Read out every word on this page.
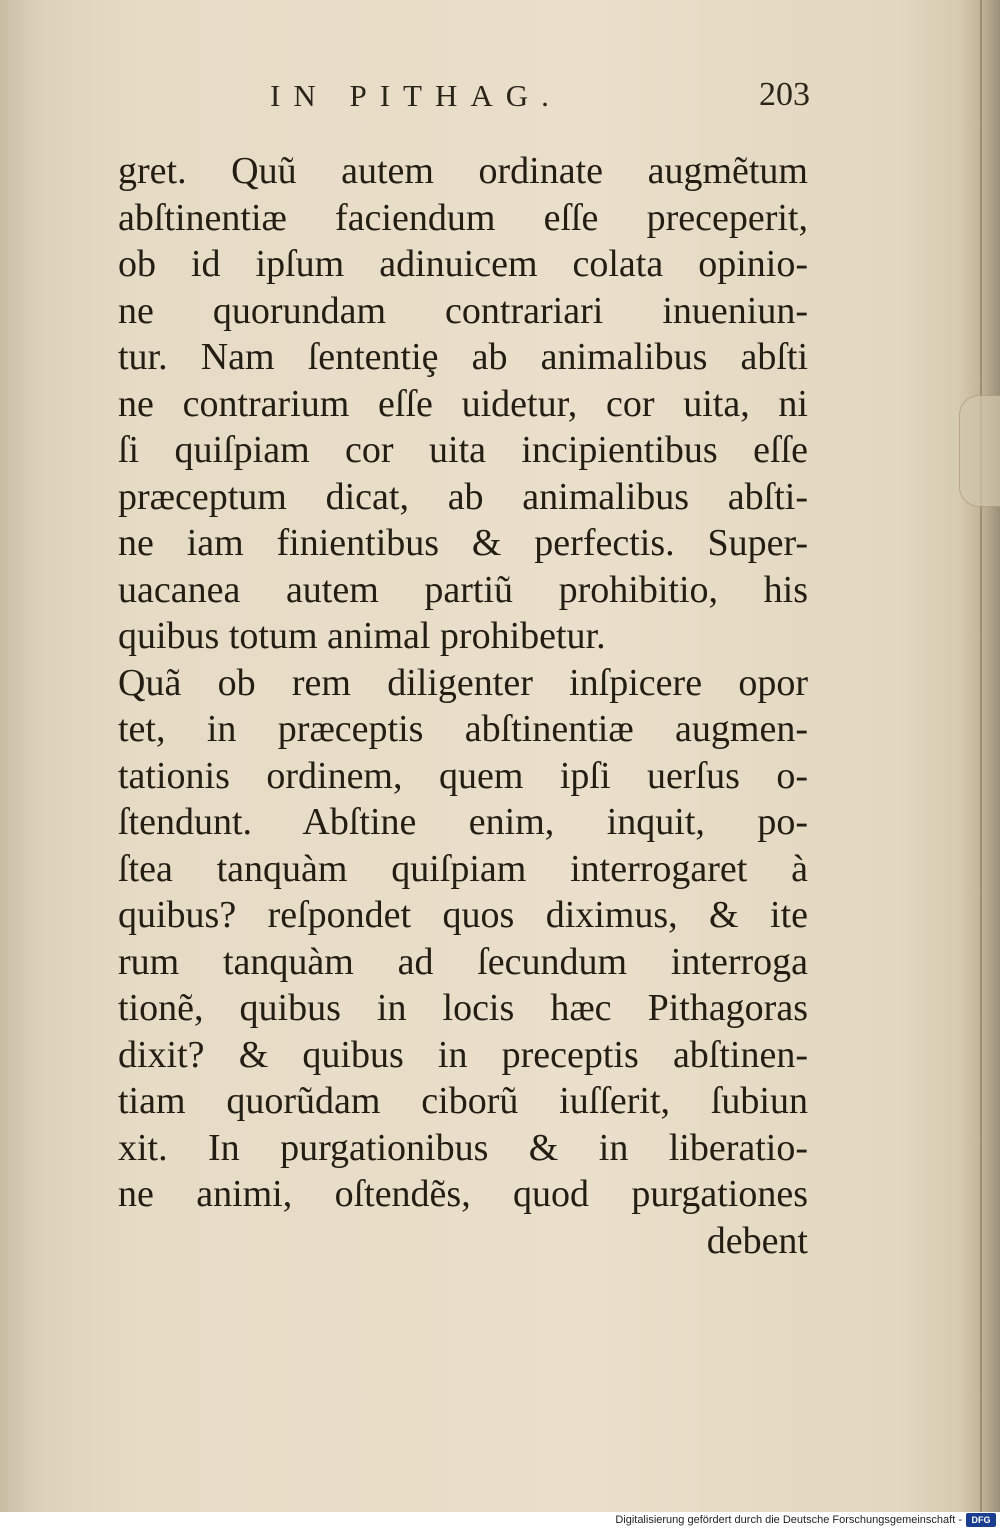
IN PITHAG.	203
gret. Quũ autem ordinate augmẽtum
abſtinentiæ faciendum eſſe preceperit,
ob id ipſum adinuicem colata opinio-
ne quorundam contrariari inueniun-
tur. Nam ſententiȩ ab animalibus abſti
ne contrarium eſſe uidetur, cor uita, ni
ſi quiſpiam cor uita incipientibus eſſe
præceptum dicat, ab animalibus abſti-
ne iam finientibus & perfectis. Super-
uacanea autem partiũ prohibitio, his
quibus totum animal prohibetur.
Quã ob rem diligenter inſpicere opor
tet, in præceptis abſtinentiæ augmen-
tationis ordinem, quem ipſi uerſus o-
ſtendunt. Abſtine enim, inquit, po-
ſtea tanquàm quiſpiam interrogaret à
quibus? reſpondet quos diximus, & ite
rum tanquàm ad ſecundum interroga
tionẽ, quibus in locis hæc Pithagoras
dixit? & quibus in preceptis abſtinen-
tiam quorũdam ciborũ iuſſerit, ſubiun
xit. In purgationibus & in liberatio-
ne animi, oſtendẽs, quod purgationes
debent
Digitalisierung gefördert durch die Deutsche Forschungsgemeinschaft -	DFG
